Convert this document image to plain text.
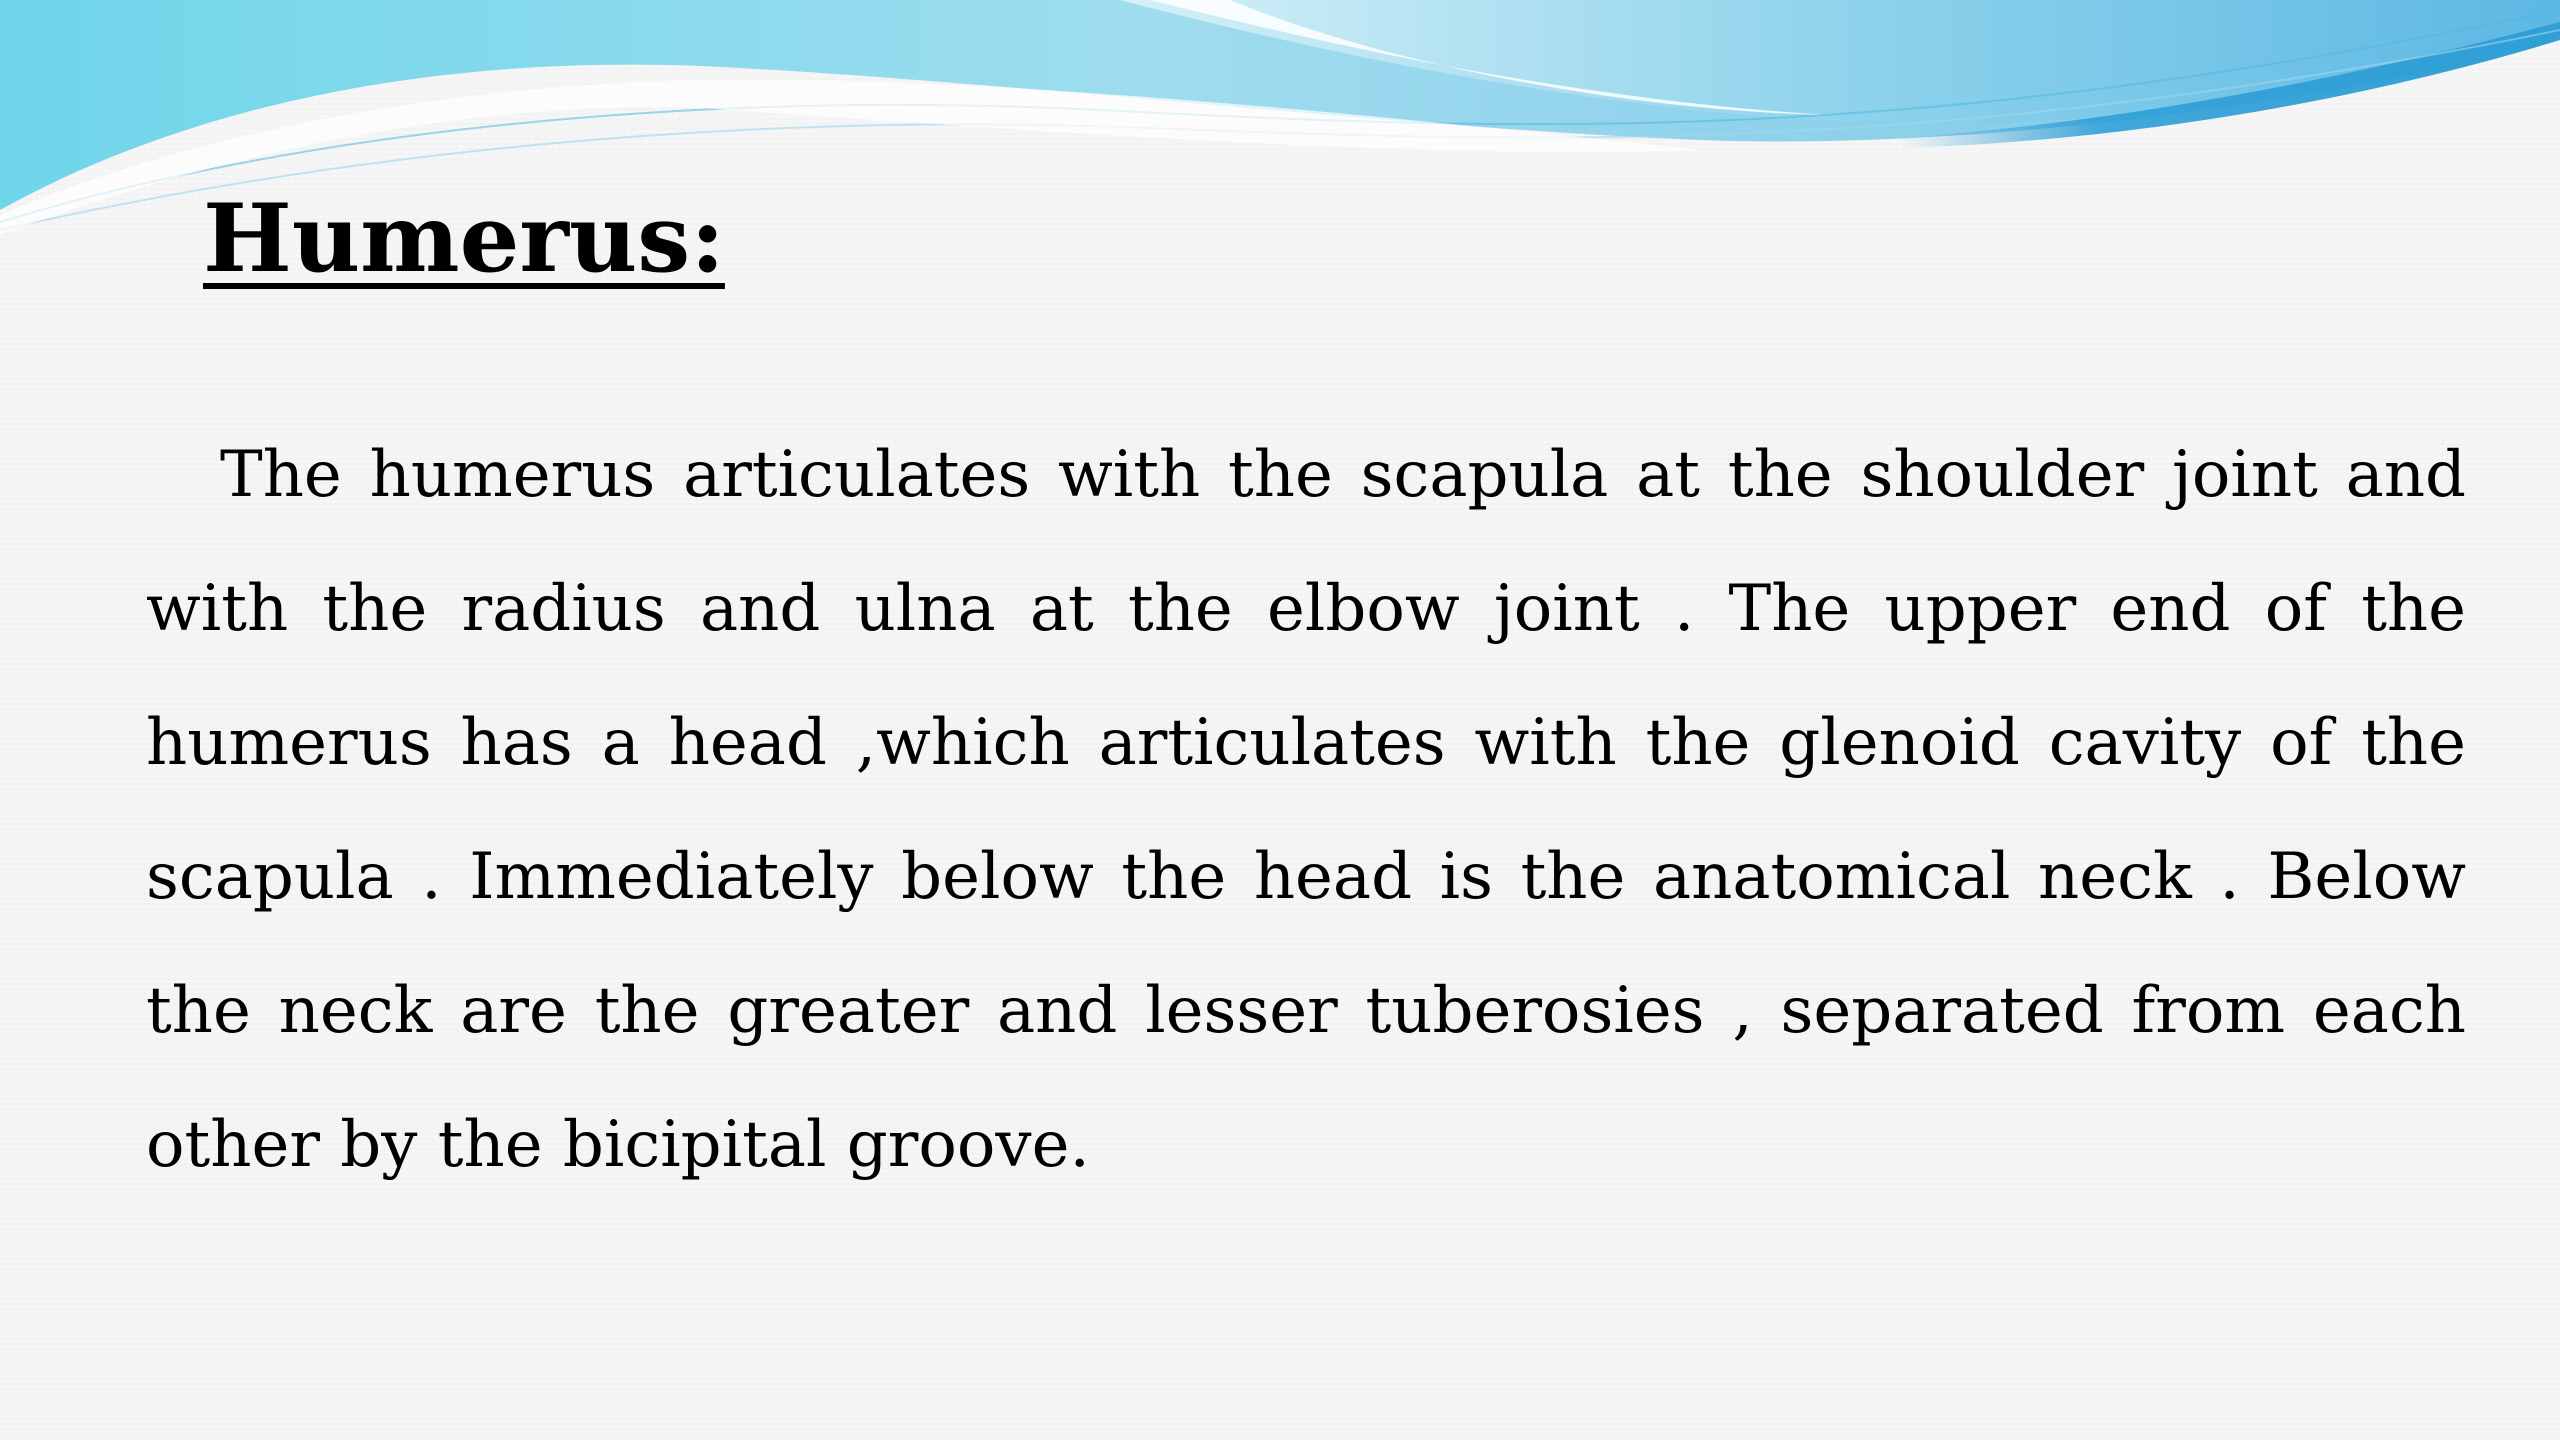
Humerus:

The humerus articulates with the scapula at the shoulder joint and with the radius and ulna at the elbow joint . The upper end of the humerus has a head ,which articulates with the glenoid cavity of the scapula . Immediately below the head is the anatomical neck . Below the neck are the greater and lesser tuberosies , separated from each other by the bicipital groove.
